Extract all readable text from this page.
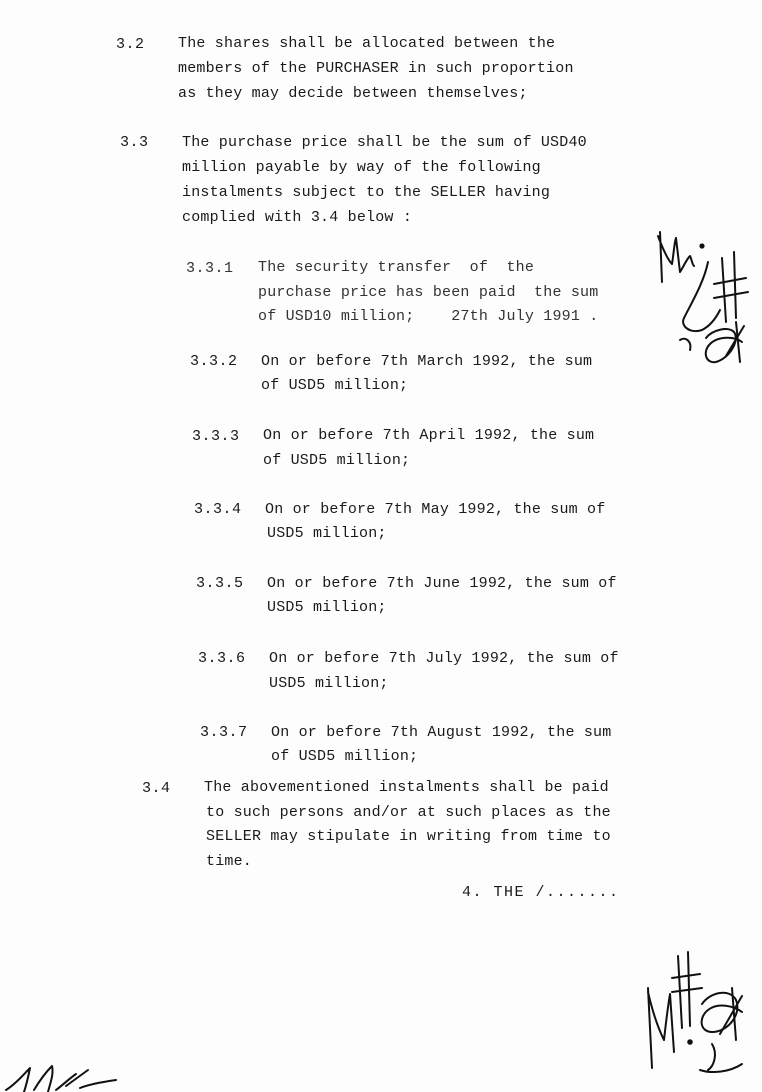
3.2 The shares shall be allocated between the
members of the PURCHASER in such proportion
as they may decide between themselves;
3.3 The purchase price shall be the sum of USD40
million payable by way of the following
instalments subject to the SELLER having
complied with 3.4 below :
3.3.1 The security transfer  of  the
purchase price has been paid  the sum
of USD10 million;    27th July 1991 .
3.3.2 On or before 7th March 1992, the sum
of USD5 million;
3.3.3 On or before 7th April 1992, the sum
of USD5 million;
3.3.4 On or before 7th May 1992, the sum of
USD5 million;
3.3.5 On or before 7th June 1992, the sum of
USD5 million;
3.3.6 On or before 7th July 1992, the sum of
USD5 million;
3.3.7 On or before 7th August 1992, the sum
of USD5 million;
3.4 The abovementioned instalments shall be paid
to such persons and/or at such places as the
SELLER may stipulate in writing from time to
time.
4. THE /.......
